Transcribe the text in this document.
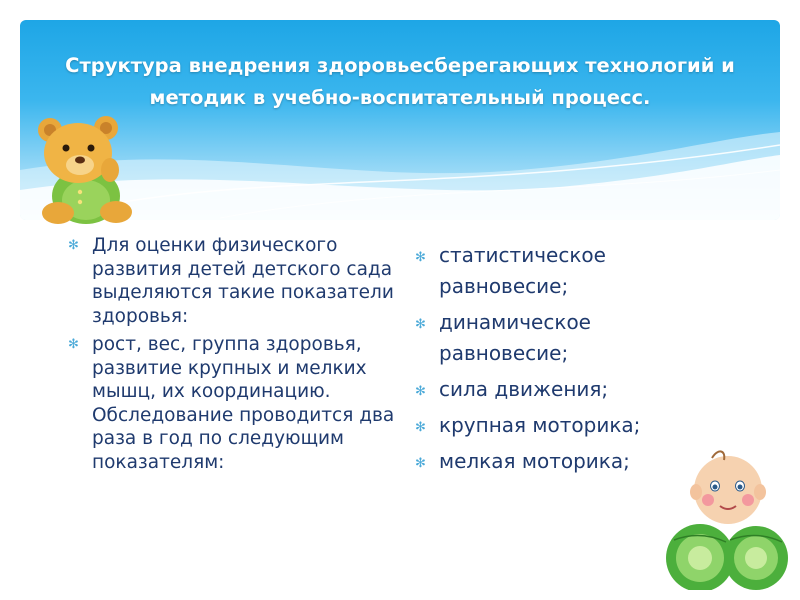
Структура внедрения здоровьесберегающих технологий и методик в учебно-воспитательный процесс.
✻ Для оценки физического развития детей детского сада выделяются такие показатели здоровья:
✻ рост, вес, группа здоровья, развитие крупных и мелких мышц, их координацию. Обследование проводится два раза в год по следующим показателям:
✻ статистическое равновесие;
✻ динамическое равновесие;
✻ сила движения;
✻ крупная моторика;
✻ мелкая моторика;
